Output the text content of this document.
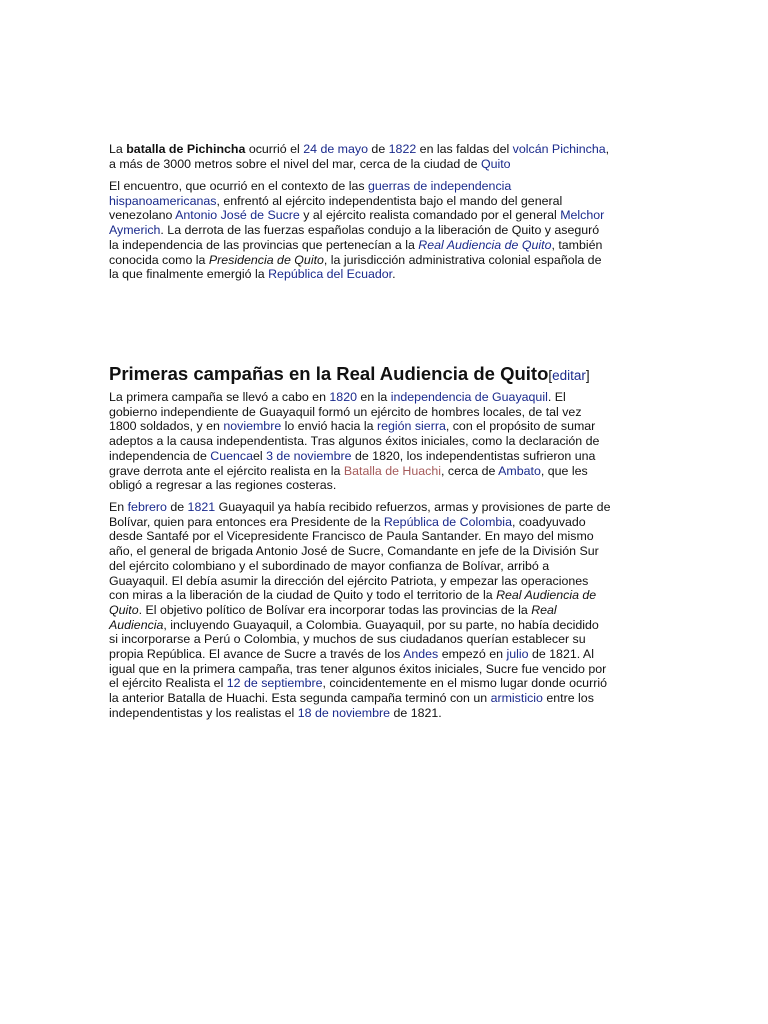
La batalla de Pichincha ocurrió el 24 de mayo de 1822 en las faldas del volcán Pichincha,
a más de 3000 metros sobre el nivel del mar, cerca de la ciudad de Quito

El encuentro, que ocurrió en el contexto de las guerras de independencia
hispanoamericanas, enfrentó al ejército independentista bajo el mando del general
venezolano Antonio José de Sucre y al ejército realista comandado por el general Melchor
Aymerich. La derrota de las fuerzas españolas condujo a la liberación de Quito y aseguró
la independencia de las provincias que pertenecían a la Real Audiencia de Quito, también
conocida como la Presidencia de Quito, la jurisdicción administrativa colonial española de
la que finalmente emergió la República del Ecuador.

Primeras campañas en la Real Audiencia de Quito[editar]

La primera campaña se llevó a cabo en 1820 en la independencia de Guayaquil. El
gobierno independiente de Guayaquil formó un ejército de hombres locales, de tal vez
1800 soldados, y en noviembre lo envió hacia la región sierra, con el propósito de sumar
adeptos a la causa independentista. Tras algunos éxitos iniciales, como la declaración de
independencia de Cuencael 3 de noviembre de 1820, los independentistas sufrieron una
grave derrota ante el ejército realista en la Batalla de Huachi, cerca de Ambato, que les
obligó a regresar a las regiones costeras.

En febrero de 1821 Guayaquil ya había recibido refuerzos, armas y provisiones de parte de
Bolívar, quien para entonces era Presidente de la República de Colombia, coadyuvado
desde Santafé por el Vicepresidente Francisco de Paula Santander. En mayo del mismo
año, el general de brigada Antonio José de Sucre, Comandante en jefe de la División Sur
del ejército colombiano y el subordinado de mayor confianza de Bolívar, arribó a
Guayaquil. El debía asumir la dirección del ejército Patriota, y empezar las operaciones
con miras a la liberación de la ciudad de Quito y todo el territorio de la Real Audiencia de
Quito. El objetivo político de Bolívar era incorporar todas las provincias de la Real
Audiencia, incluyendo Guayaquil, a Colombia. Guayaquil, por su parte, no había decidido
si incorporarse a Perú o Colombia, y muchos de sus ciudadanos querían establecer su
propia República. El avance de Sucre a través de los Andes empezó en julio de 1821. Al
igual que en la primera campaña, tras tener algunos éxitos iniciales, Sucre fue vencido por
el ejército Realista el 12 de septiembre, coincidentemente en el mismo lugar donde ocurrió
la anterior Batalla de Huachi. Esta segunda campaña terminó con un armisticio entre los
independentistas y los realistas el 18 de noviembre de 1821.
